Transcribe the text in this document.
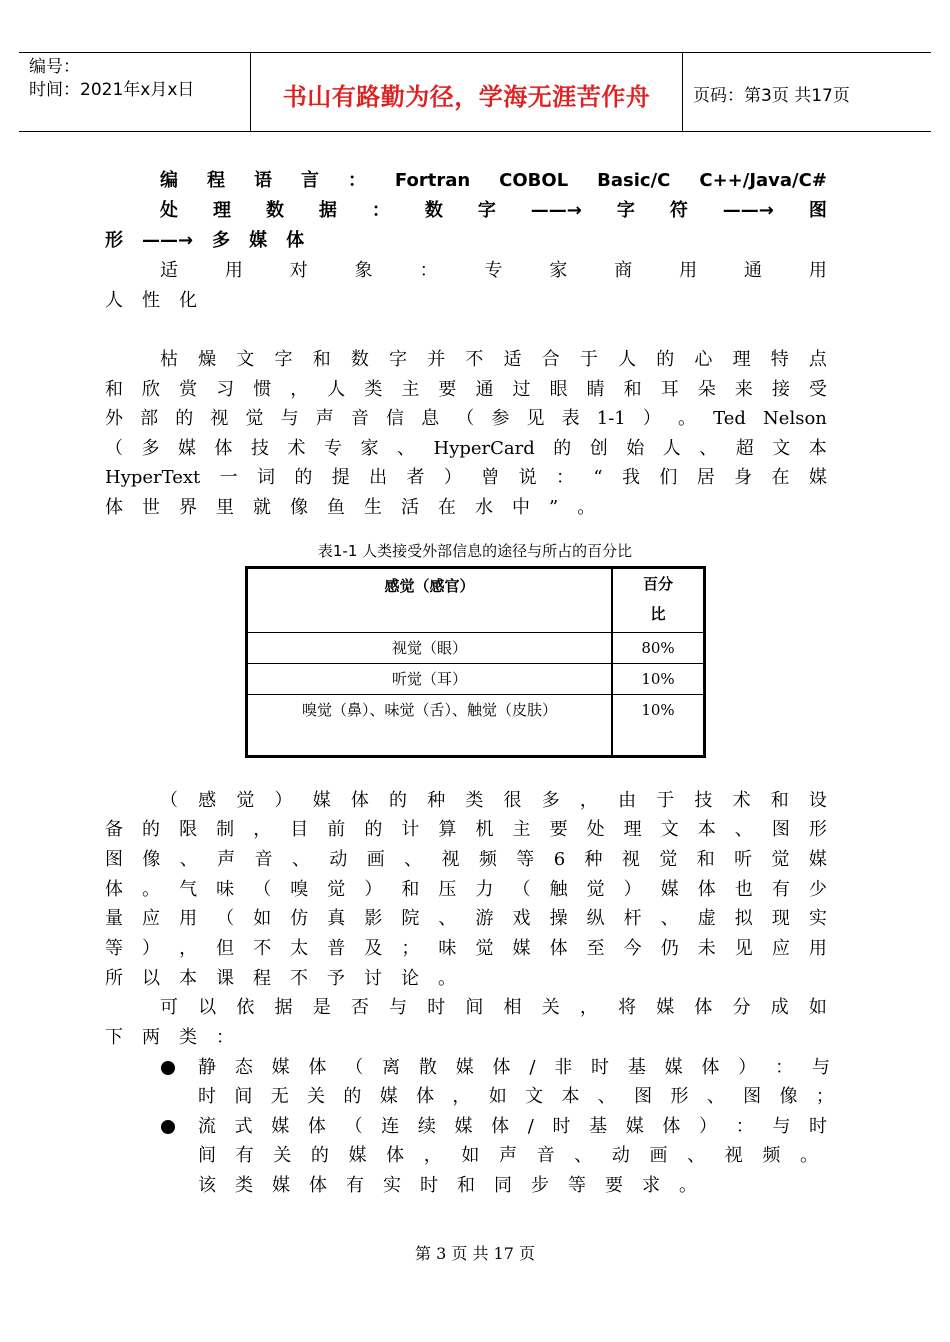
编号：
时间：2021年x月x日	书山有路勤为径，学海无涯苦作舟	页码：第3页 共17页
编 程 语 言 ： Fortran COBOL Basic/C C++/Java/C#
处 理 数 据 ： 数 字 ——→ 字 符 ——→ 图
形 ——→ 多 媒 体
适	用	对	象	：	专	家	商	用	通	用
人 性 化
枯 燥 文 字 和 数 字 并 不 适 合 于 人 的 心 理 特 点
和 欣 赏 习 惯 ， 人 类 主 要 通 过 眼 睛 和 耳 朵 来 接 受
外 部 的 视 觉 与 声 音 信 息 （ 参 见 表 1-1 ） 。 Ted Nelson
（ 多 媒 体 技 术 专 家 、 HyperCard 的 创 始 人 、 超 文 本
HyperText 一 词 的 提 出 者 ） 曾 说 ： “ 我 们 居 身 在 媒
体 世 界 里 就 像 鱼 生 活 在 水 中 ” 。
表1-1 人类接受外部信息的途径与所占的百分比
感觉（感官）	百分
比

视觉（眼）	80%
听觉（耳）	10%

嗅觉（鼻）、味觉（舌）、触觉（皮肤）	10%
（ 感 觉 ） 媒 体 的 种 类 很 多 ， 由 于 技 术 和 设
备 的 限 制 ， 目 前 的 计 算 机 主 要 处 理 文 本 、 图 形
图 像 、 声 音 、 动 画 、 视 频 等 6 种 视 觉 和 听 觉 媒
体 。 气 味 （ 嗅 觉 ） 和 压 力 （ 触 觉 ） 媒 体 也 有 少
量 应 用 （ 如 仿 真 影 院 、 游 戏 操 纵 杆 、 虚 拟 现 实
等 ） ， 但 不 太 普 及 ； 味 觉 媒 体 至 今 仍 未 见 应 用
所 以 本 课 程 不 予 讨 论 。
可 以 依 据 是 否 与 时 间 相 关 ， 将 媒 体 分 成 如
下 两 类 ：
静 态 媒 体 （ 离 散 媒 体 / 非 时 基 媒 体 ） ： 与
时 间 无 关 的 媒 体 ， 如 文 本 、 图 形 、 图 像 ；
流 式 媒 体 （ 连 续 媒 体 / 时 基 媒 体 ） ： 与 时
间 有 关 的 媒 体 ， 如 声 音 、 动 画 、 视 频 。
该 类 媒 体 有 实 时 和 同 步 等 要 求 。
第 3 页 共 17 页
